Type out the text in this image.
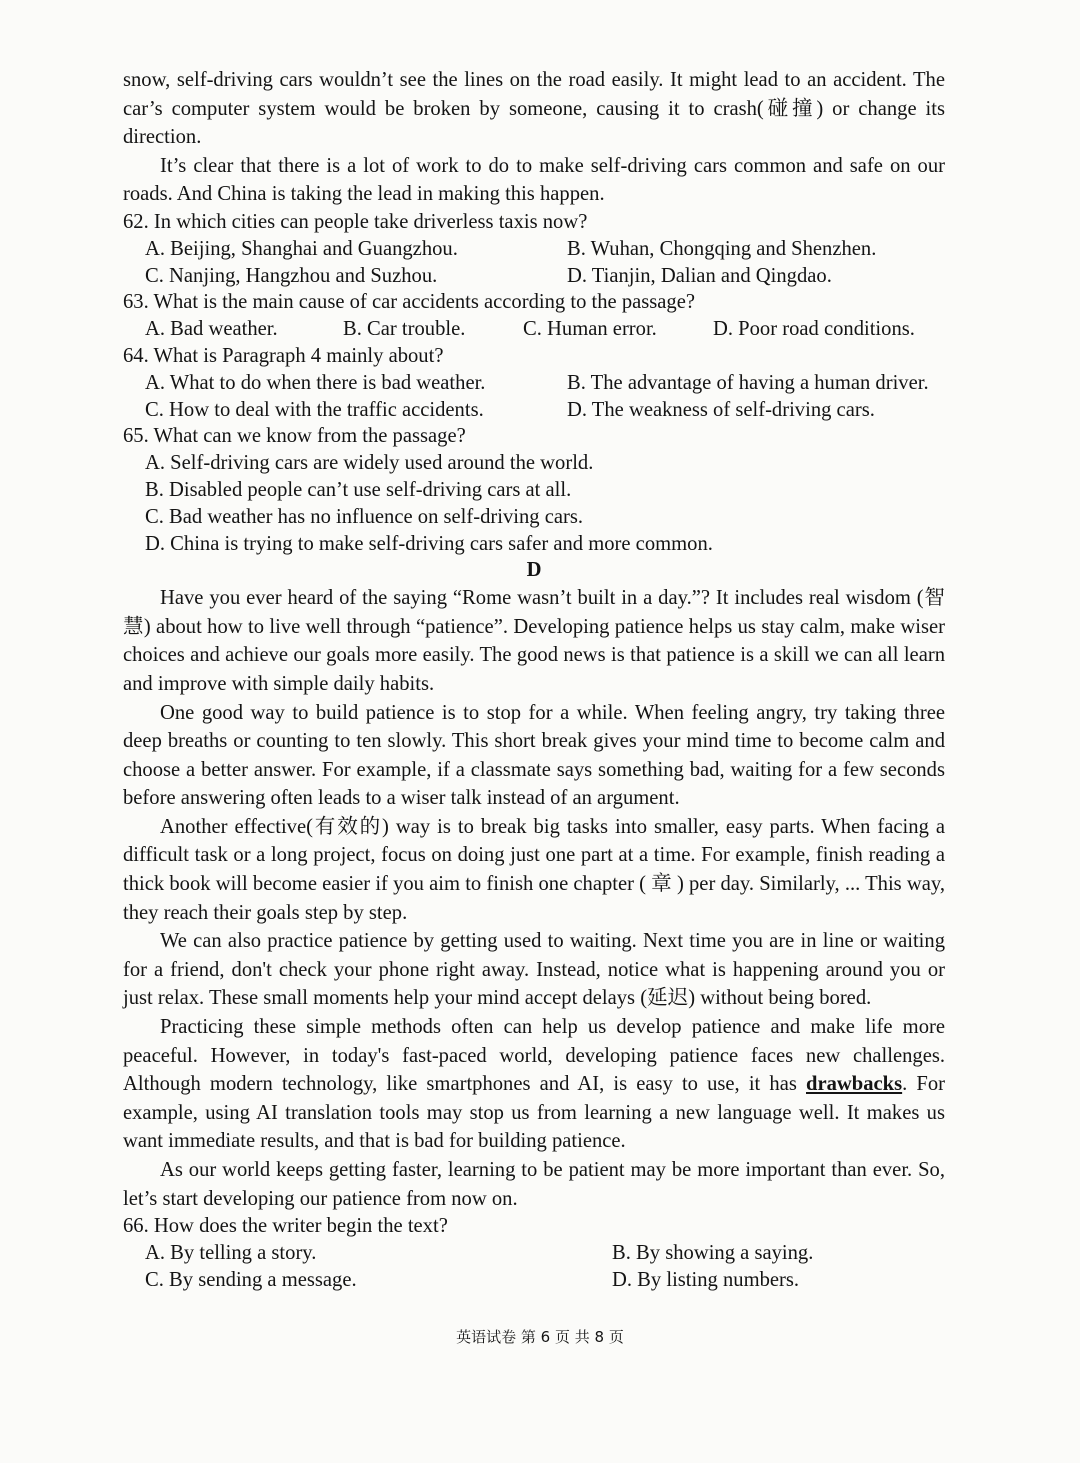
snow, self-driving cars wouldn’t see the lines on the road easily. It might lead to an accident. The car’s computer system would be broken by someone, causing it to crash(碰撞) or change its direction.

It’s clear that there is a lot of work to do to make self-driving cars common and safe on our roads. And China is taking the lead in making this happen.

62. In which cities can people take driverless taxis now?

A. Beijing, Shanghai and Guangzhou.	B. Wuhan, Chongqing and Shenzhen.
C. Nanjing, Hangzhou and Suzhou.	D. Tianjin, Dalian and Qingdao.

63. What is the main cause of car accidents according to the passage?

A. Bad weather.	B. Car trouble.	C. Human error.	D. Poor road conditions.

64. What is Paragraph 4 mainly about?

A. What to do when there is bad weather.	B. The advantage of having a human driver.
C. How to deal with the traffic accidents.	D. The weakness of self-driving cars.

65. What can we know from the passage?

A. Self-driving cars are widely used around the world.

B. Disabled people can’t use self-driving cars at all.

C. Bad weather has no influence on self-driving cars.

D. China is trying to make self-driving cars safer and more common.

D

Have you ever heard of the saying “Rome wasn’t built in a day.”? It includes real wisdom (智慧) about how to live well through “patience”. Developing patience helps us stay calm, make wiser choices and achieve our goals more easily. The good news is that patience is a skill we can all learn and improve with simple daily habits.

One good way to build patience is to stop for a while. When feeling angry, try taking three deep breaths or counting to ten slowly. This short break gives your mind time to become calm and choose a better answer. For example, if a classmate says something bad, waiting for a few seconds before answering often leads to a wiser talk instead of an argument.

Another effective(有效的) way is to break big tasks into smaller, easy parts. When facing a difficult task or a long project, focus on doing just one part at a time. For example, finish reading a thick book will become easier if you aim to finish one chapter ( 章 ) per day. Similarly, ... This way, they reach their goals step by step.

We can also practice patience by getting used to waiting. Next time you are in line or waiting for a friend, don't check your phone right away. Instead, notice what is happening around you or just relax. These small moments help your mind accept delays (延迟) without being bored.

Practicing these simple methods often can help us develop patience and make life more peaceful. However, in today's fast-paced world, developing patience faces new challenges. Although modern technology, like smartphones and AI, is easy to use, it has drawbacks. For example, using AI translation tools may stop us from learning a new language well. It makes us want immediate results, and that is bad for building patience.

As our world keeps getting faster, learning to be patient may be more important than ever. So, let’s start developing our patience from now on.

66. How does the writer begin the text?

A. By telling a story.	B. By showing a saying.
C. By sending a message.	D. By listing numbers.
英语试卷 第 6 页 共 8 页
